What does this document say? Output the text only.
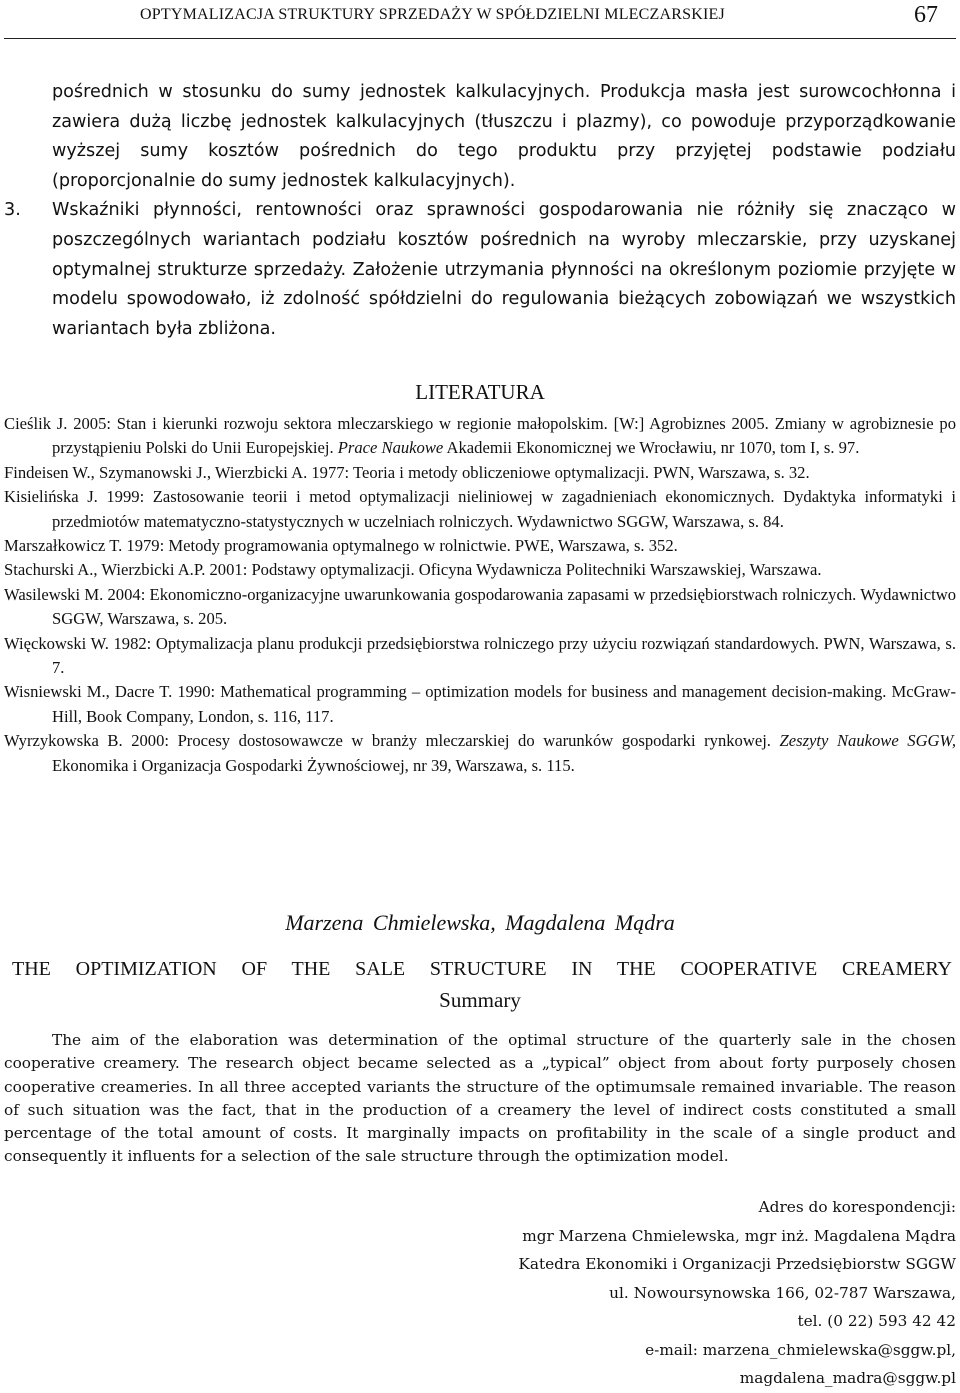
OPTYMALIZACJA STRUKTURY SPRZEDAŻY W SPÓŁDZIELNI MLECZARSKIEJ	67

pośrednich w stosunku do sumy jednostek kalkulacyjnych. Produkcja masła jest surowcochłonna i zawiera dużą liczbę jednostek kalkulacyjnych (tłuszczu i plazmy), co powoduje przyporządkowanie wyższej sumy kosztów pośrednich do tego produktu przy przyjętej podstawie podziału (proporcjonalnie do sumy jednostek kalkulacyjnych).

3.	Wskaźniki płynności, rentowności oraz sprawności gospodarowania nie różniły się znacząco w poszczególnych wariantach podziału kosztów pośrednich na wyroby mleczarskie, przy uzyskanej optymalnej strukturze sprzedaży. Założenie utrzymania płynności na określonym poziomie przyjęte w modelu spowodowało, iż zdolność spółdzielni do regulowania bieżących zobowiązań we wszystkich wariantach była zbliżona.
LITERATURA
Cieślik J. 2005: Stan i kierunki rozwoju sektora mleczarskiego w regionie małopolskim. [W:] Agrobiznes 2005. Zmiany w agrobiznesie po przystąpieniu Polski do Unii Europejskiej. Prace Naukowe Akademii Ekonomicznej we Wrocławiu, nr 1070, tom I, s. 97.
Findeisen W., Szymanowski J., Wierzbicki A. 1977: Teoria i metody obliczeniowe optymalizacji. PWN, Warszawa, s. 32.
Kisielińska J. 1999: Zastosowanie teorii i metod optymalizacji nieliniowej w zagadnieniach ekonomicznych. Dydaktyka informatyki i przedmiotów matematyczno-statystycznych w uczelniach rolniczych. Wydawnictwo SGGW, Warszawa, s. 84.
Marszałkowicz T. 1979: Metody programowania optymalnego w rolnictwie. PWE, Warszawa, s. 352.
Stachurski A., Wierzbicki A.P. 2001: Podstawy optymalizacji. Oficyna Wydawnicza Politechniki Warszawskiej, Warszawa.
Wasilewski M. 2004: Ekonomiczno-organizacyjne uwarunkowania gospodarowania zapasami w przedsiębiorstwach rolniczych. Wydawnictwo SGGW, Warszawa, s. 205.
Więckowski W. 1982: Optymalizacja planu produkcji przedsiębiorstwa rolniczego przy użyciu rozwiązań standardowych. PWN, Warszawa, s. 7.
Wisniewski M., Dacre T. 1990: Mathematical programming – optimization models for business and management decision-making. McGraw-Hill, Book Company, London, s. 116, 117.
Wyrzykowska B. 2000: Procesy dostosowawcze w branży mleczarskiej do warunków gospodarki rynkowej. Zeszyty Naukowe SGGW, Ekonomika i Organizacja Gospodarki Żywnościowej, nr 39, Warszawa, s. 115.
Marzena Chmielewska, Magdalena Mądra
THE OPTIMIZATION OF THE SALE STRUCTURE IN THE COOPERATIVE CREAMERY
Summary

The aim of the elaboration was determination of the optimal structure of the quarterly sale in the chosen cooperative creamery. The research object became selected as a „typical” object from about forty purposely chosen cooperative creameries. In all three accepted variants the structure of the optimumsale remained invariable. The reason of such situation was the fact, that in the production of a creamery the level of indirect costs constituted a small percentage of the total amount of costs. It marginally impacts on profitability in the scale of a single product and consequently it influents for a selection of the sale structure through the optimization model.

Adres do korespondencji:
mgr Marzena Chmielewska, mgr inż. Magdalena Mądra
Katedra Ekonomiki i Organizacji Przedsiębiorstw SGGW
ul. Nowoursynowska 166, 02-787 Warszawa,
tel. (0 22) 593 42 42
e-mail: marzena_chmielewska@sggw.pl,
magdalena_madra@sggw.pl
